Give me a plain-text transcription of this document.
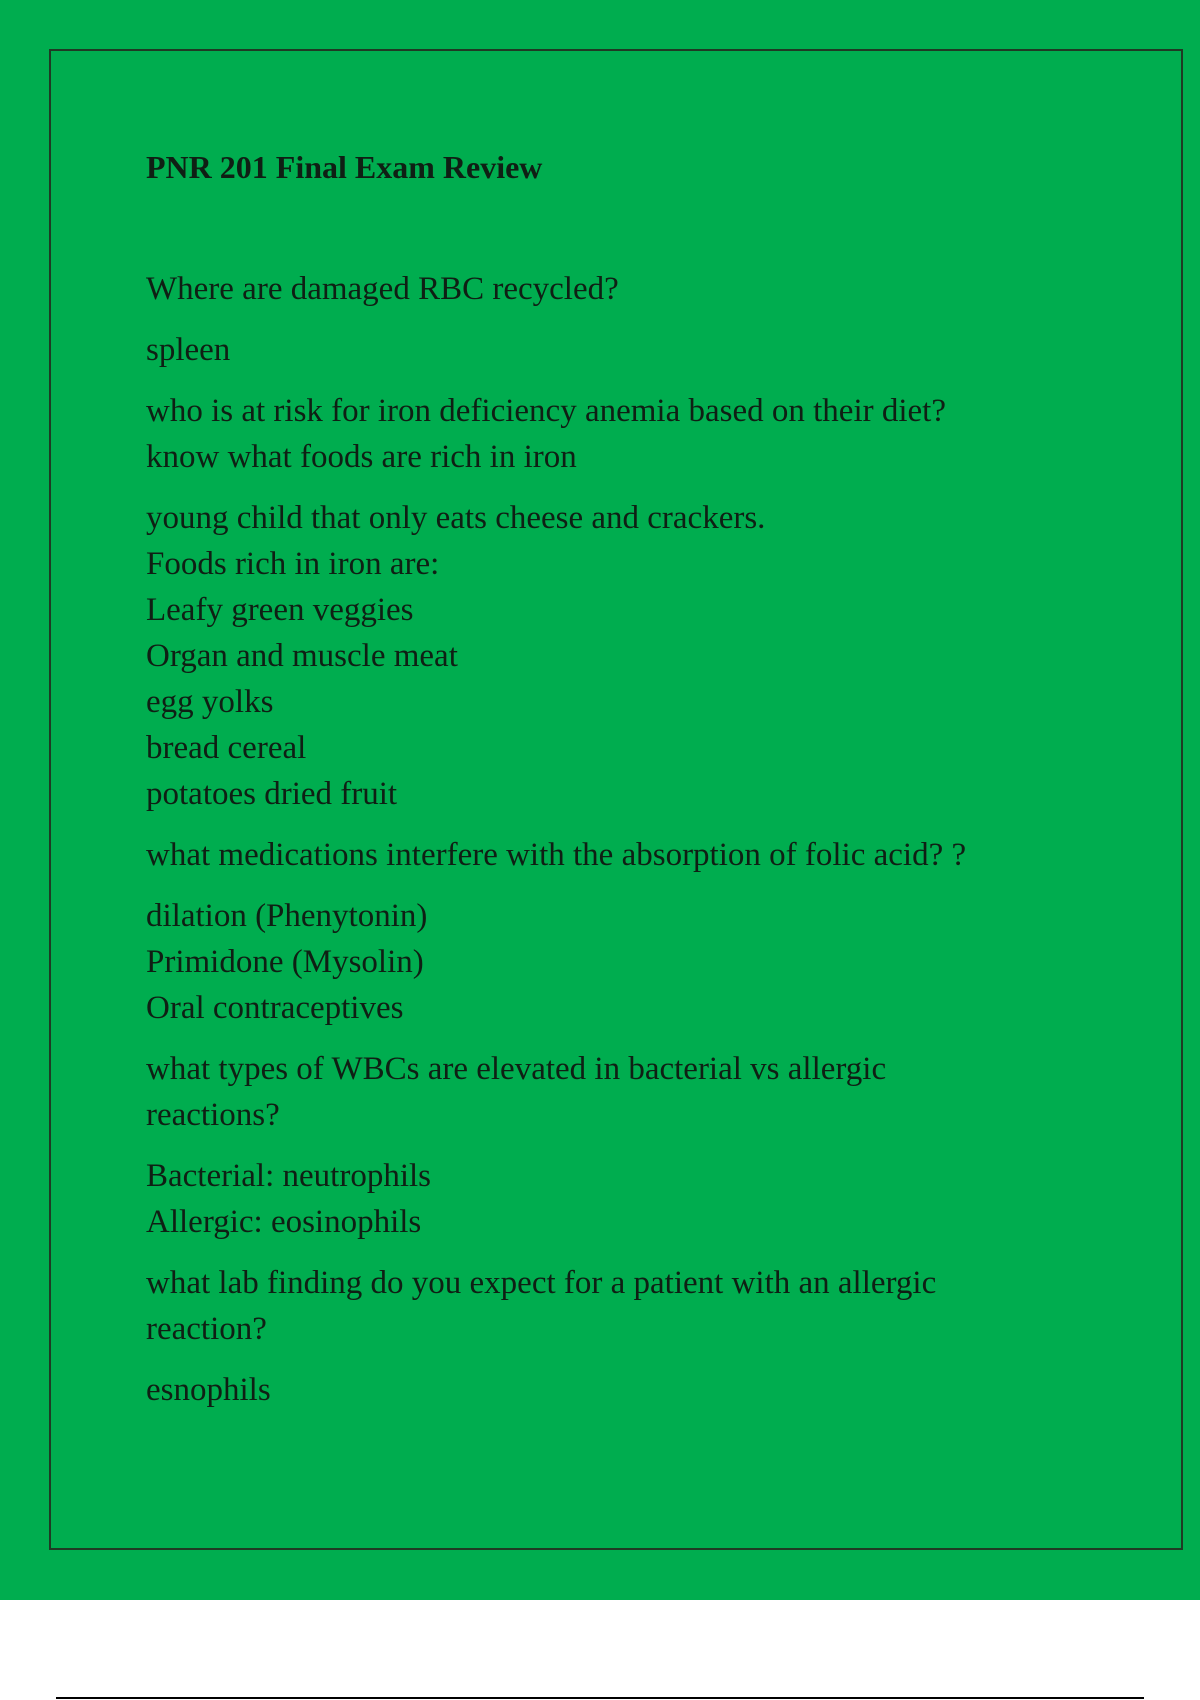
PNR 201 Final Exam Review
Where are damaged RBC recycled?
spleen
who is at risk for iron deficiency anemia based on their diet?
know what foods are rich in iron
young child that only eats cheese and crackers.
Foods rich in iron are:
Leafy green veggies
Organ and muscle meat
egg yolks
bread cereal
potatoes dried fruit
what medications interfere with the absorption of folic acid? ?
dilation (Phenytonin)
Primidone (Mysolin)
Oral contraceptives
what types of WBCs are elevated in bacterial vs allergic
reactions?
Bacterial: neutrophils
Allergic: eosinophils
what lab finding do you expect for a patient with an allergic
reaction?
esnophils
